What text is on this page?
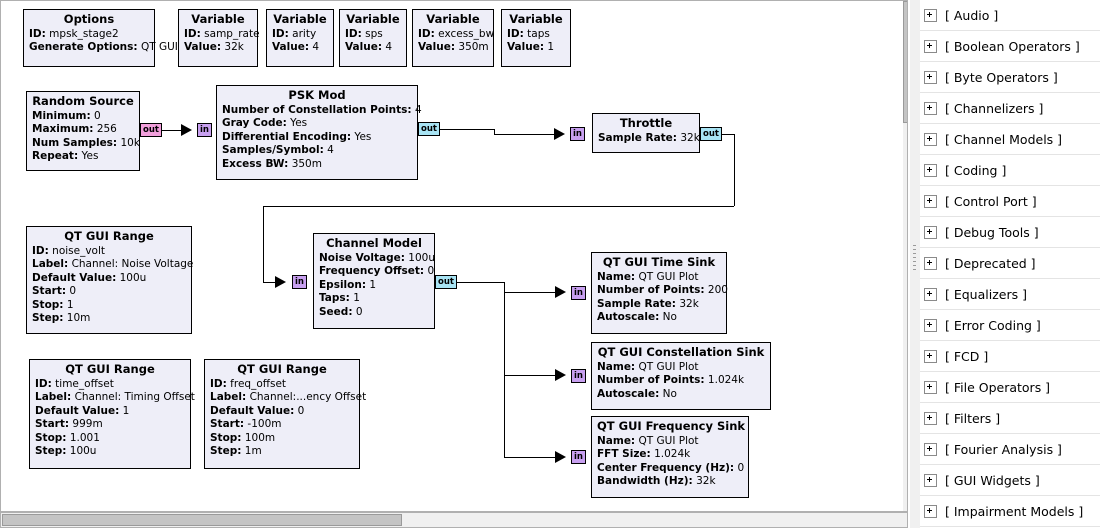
Options
ID: mpsk_stage2
Generate Options: QT GUI
Variable
ID: samp_rate
Value: 32k
Variable
ID: arity
Value: 4
Variable
ID: sps
Value: 4
Variable
ID: excess_bw
Value: 350m
Variable
ID: taps
Value: 1
Random Source
Minimum: 0
Maximum: 256
Num Samples: 10k
Repeat: Yes
PSK Mod
Number of Constellation Points: 4
Gray Code: Yes
Differential Encoding: Yes
Samples/Symbol: 4
Excess BW: 350m
Throttle
Sample Rate: 32k
QT GUI Range
ID: noise_volt
Label: Channel: Noise Voltage
Default Value: 100u
Start: 0
Stop: 1
Step: 10m
Channel Model
Noise Voltage: 100u
Frequency Offset: 0
Epsilon: 1
Taps: 1
Seed: 0
QT GUI Time Sink
Name: QT GUI Plot
Number of Points: 200
Sample Rate: 32k
Autoscale: No
QT GUI Constellation Sink
Name: QT GUI Plot
Number of Points: 1.024k
Autoscale: No
QT GUI Frequency Sink
Name: QT GUI Plot
FFT Size: 1.024k
Center Frequency (Hz): 0
Bandwidth (Hz): 32k
QT GUI Range
ID: time_offset
Label: Channel: Timing Offset
Default Value: 1
Start: 999m
Stop: 1.001
Step: 100u
QT GUI Range
ID: freq_offset
Label: Channel:...ency Offset
Default Value: 0
Start: -100m
Stop: 100m
Step: 1m
out	in	out	in	out
in	out
in
in
in
[ Audio ]
[ Boolean Operators ]
[ Byte Operators ]
[ Channelizers ]
[ Channel Models ]
[ Coding ]
[ Control Port ]
[ Debug Tools ]
[ Deprecated ]
[ Equalizers ]
[ Error Coding ]
[ FCD ]
[ File Operators ]
[ Filters ]
[ Fourier Analysis ]
[ GUI Widgets ]
[ Impairment Models ]
